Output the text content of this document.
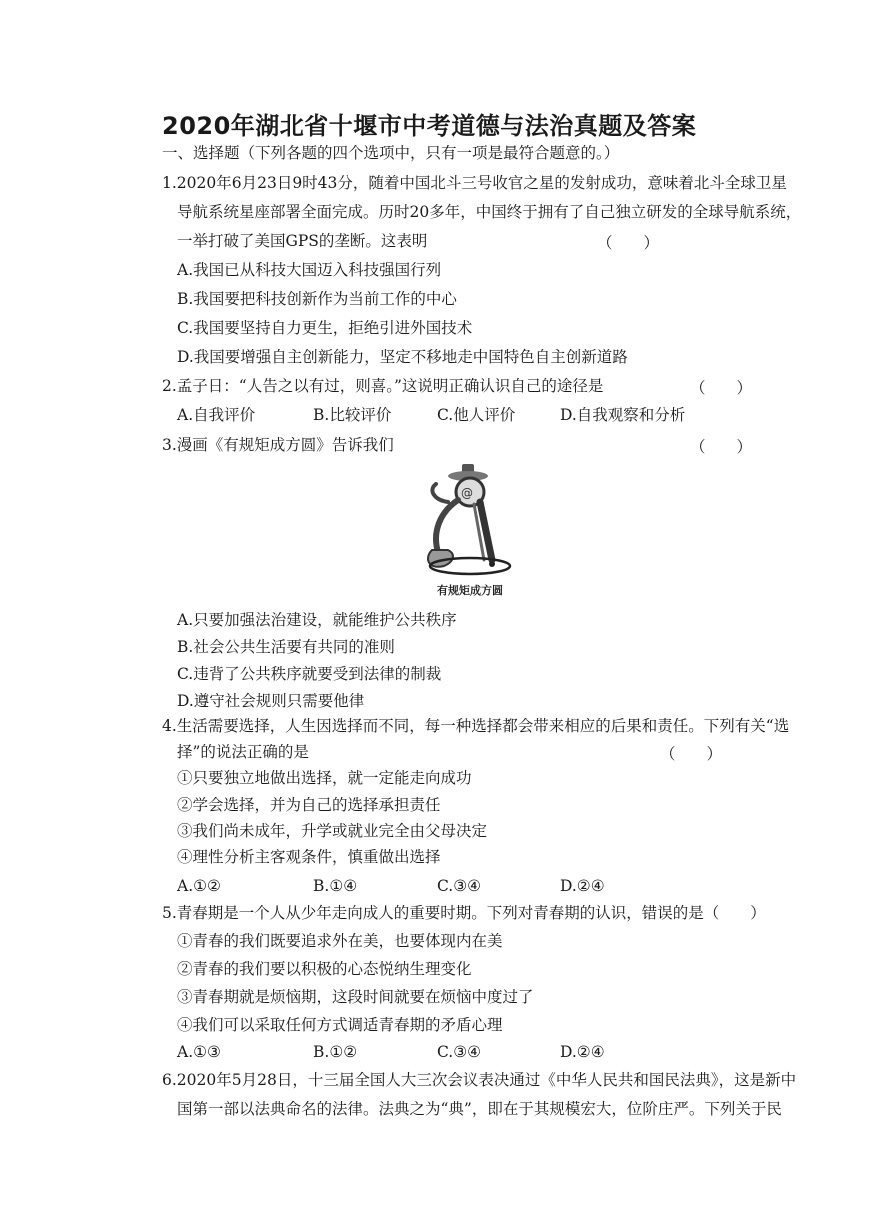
2020年湖北省十堰市中考道德与法治真题及答案
一、选择题（下列各题的四个选项中，只有一项是最符合题意的。）
1.2020年6月23日9时43分，随着中国北斗三号收官之星的发射成功，意味着北斗全球卫星
导航系统星座部署全面完成。历时20多年，中国终于拥有了自己独立研发的全球导航系统，
一举打破了美国GPS的垄断。这表明	（　　）
A.我国已从科技大国迈入科技强国行列
B.我国要把科技创新作为当前工作的中心
C.我国要坚持自力更生，拒绝引进外国技术
D.我国要增强自主创新能力，坚定不移地走中国特色自主创新道路
2.孟子日：“人告之以有过，则喜。”这说明正确认识自己的途径是	（　　）
A.自我评价	B.比较评价	C.他人评价	D.自我观察和分析
3.漫画《有规矩成方圆》告诉我们	（　　）
@
有规矩成方圆
A.只要加强法治建设，就能维护公共秩序
B.社会公共生活要有共同的准则
C.违背了公共秩序就要受到法律的制裁
D.遵守社会规则只需要他律
4.生活需要选择，人生因选择而不同，每一种选择都会带来相应的后果和责任。下列有关“选
择”的说法正确的是	（　　）
①只要独立地做出选择，就一定能走向成功
②学会选择，并为自己的选择承担责任
③我们尚未成年，升学或就业完全由父母决定
④理性分析主客观条件，慎重做出选择
A.①②	B.①④	C.③④	D.②④
5.青春期是一个人从少年走向成人的重要时期。下列对青春期的认识，错误的是（　　）
①青春的我们既要追求外在美，也要体现内在美
②青春的我们要以积极的心态悦纳生理变化
③青春期就是烦恼期，这段时间就要在烦恼中度过了
④我们可以采取任何方式调适青春期的矛盾心理
A.①③	B.①②	C.③④	D.②④
6.2020年5月28日，十三届全国人大三次会议表决通过《中华人民共和国民法典》，这是新中
国第一部以法典命名的法律。法典之为“典”，即在于其规模宏大，位阶庄严。下列关于民
